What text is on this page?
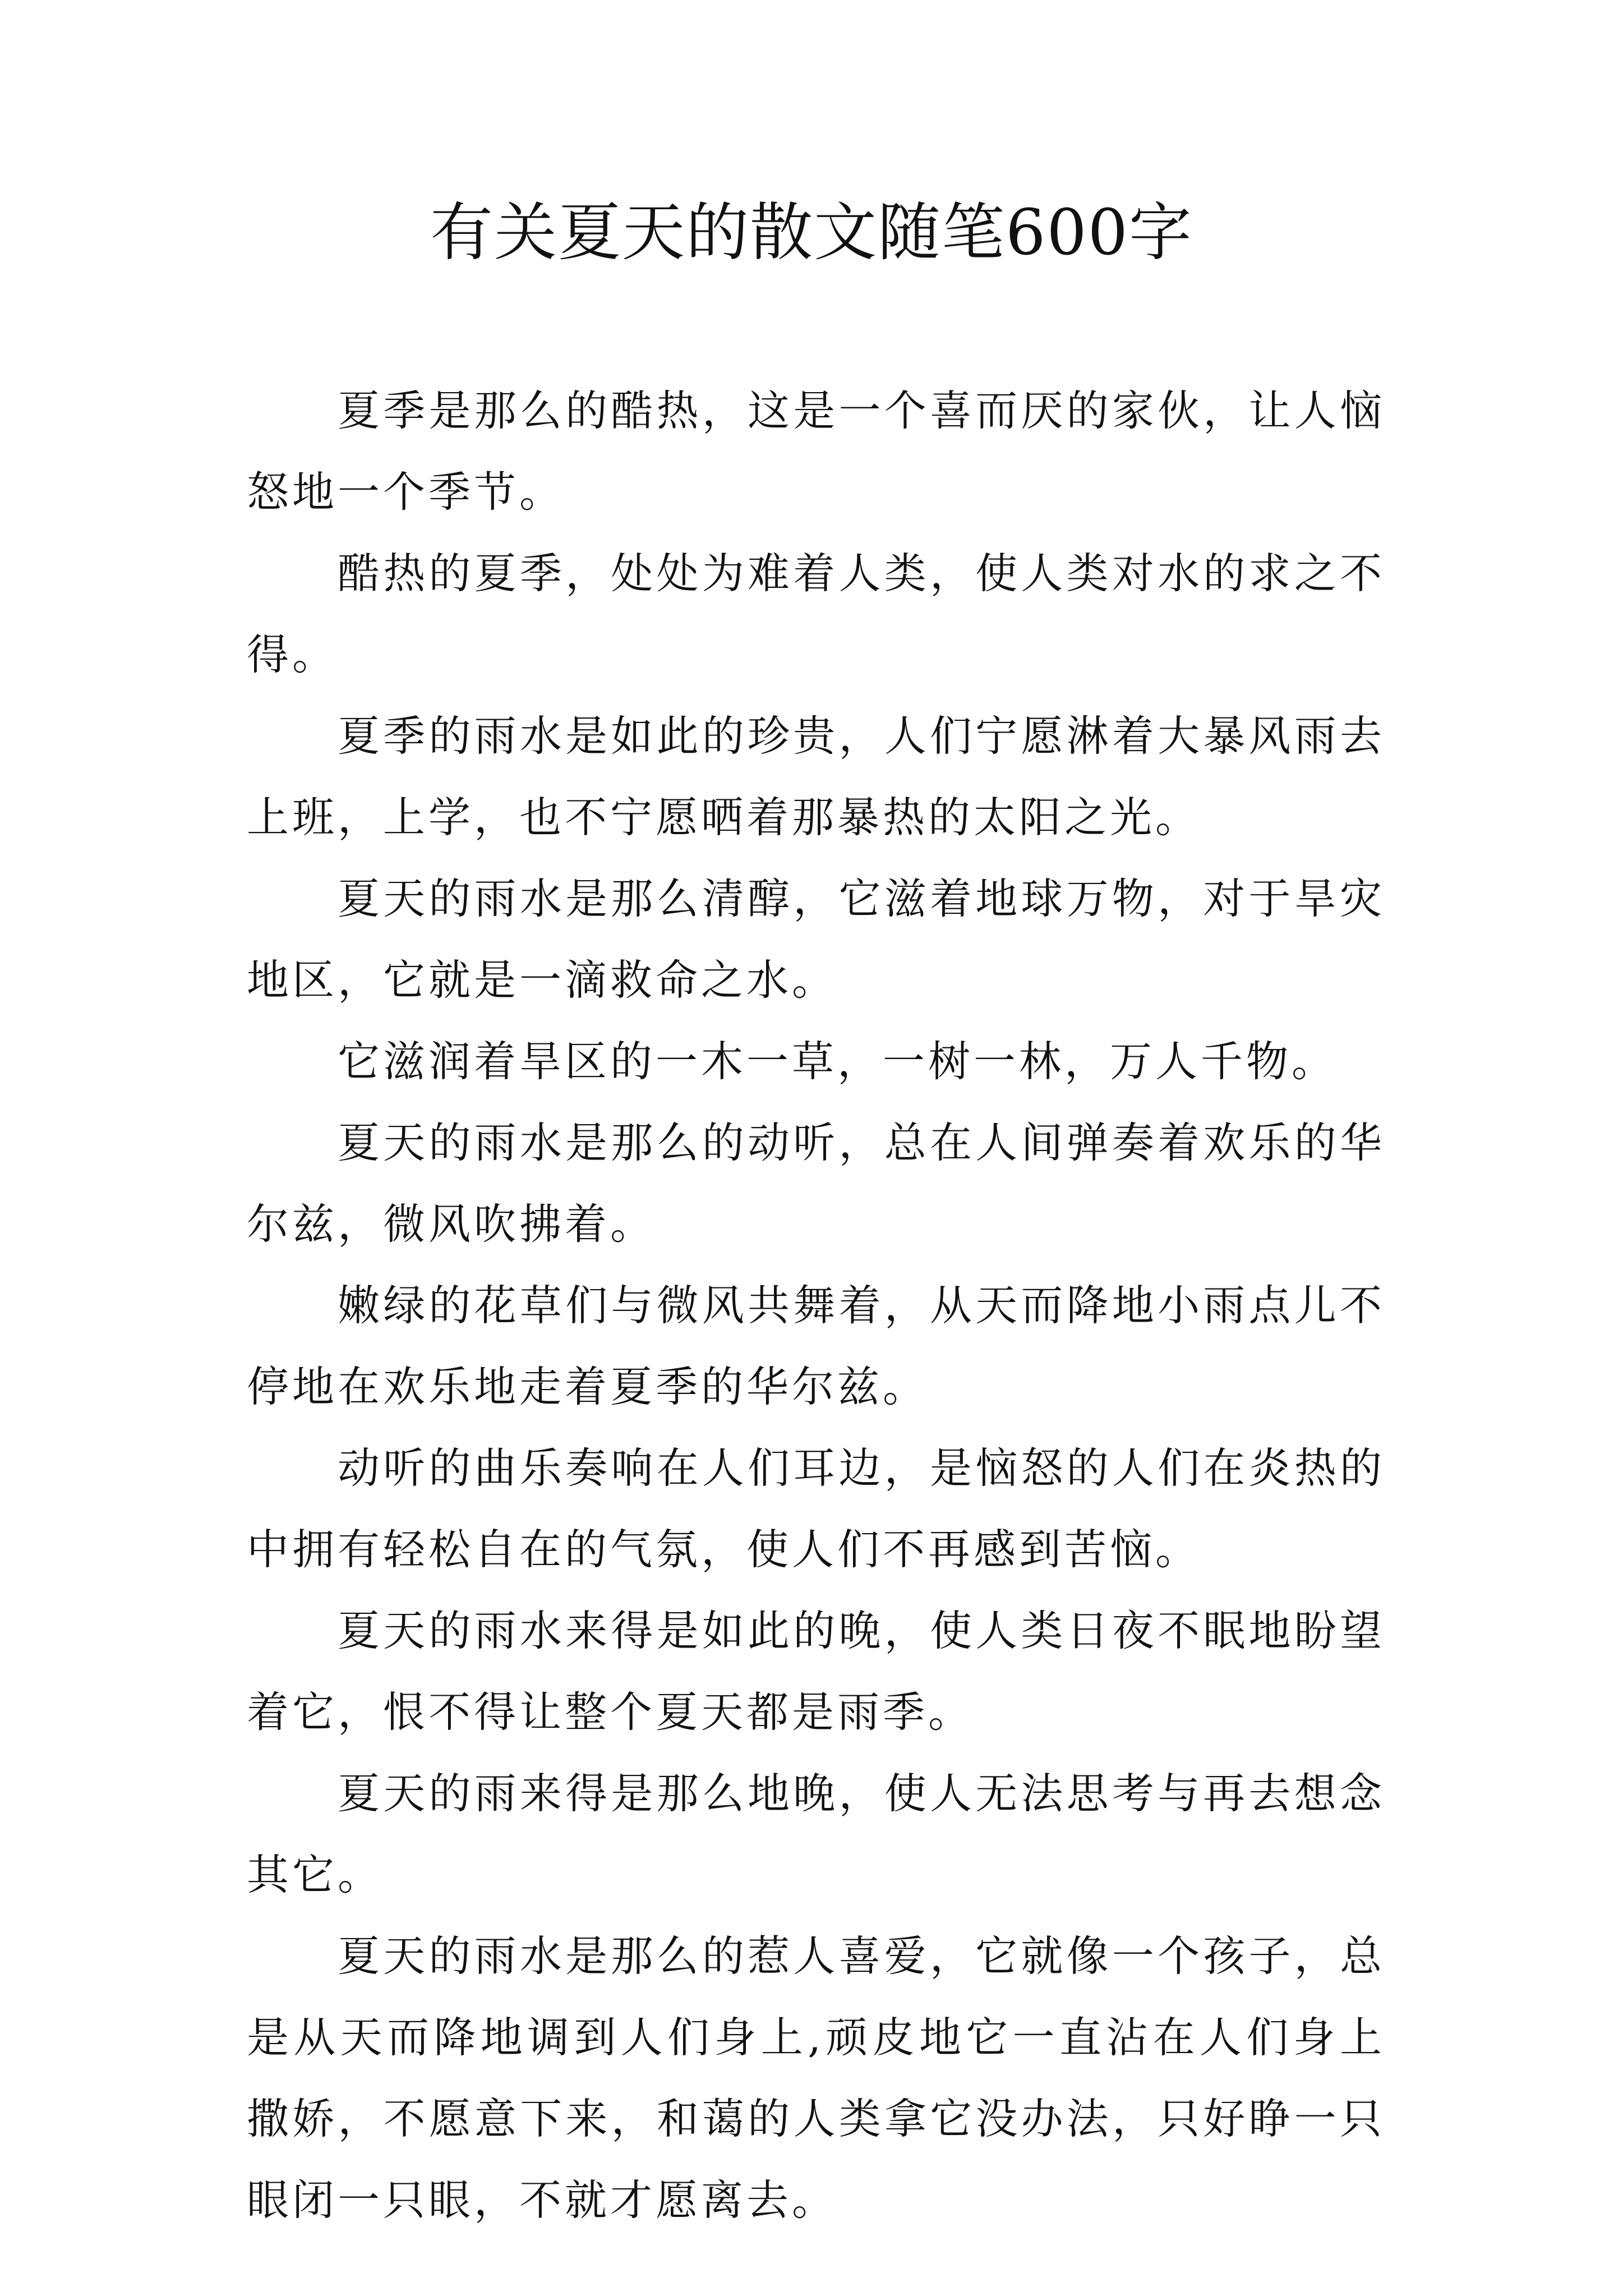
有关夏天的散文随笔600字

夏季是那么的酷热，这是一个喜而厌的家伙，让人恼怒地一个季节。

酷热的夏季，处处为难着人类，使人类对水的求之不得。

夏季的雨水是如此的珍贵，人们宁愿淋着大暴风雨去上班，上学，也不宁愿晒着那暴热的太阳之光。

夏天的雨水是那么清醇，它滋着地球万物，对于旱灾地区，它就是一滴救命之水。

它滋润着旱区的一木一草，一树一林，万人千物。

夏天的雨水是那么的动听，总在人间弹奏着欢乐的华尔兹，微风吹拂着。

嫩绿的花草们与微风共舞着，从天而降地小雨点儿不停地在欢乐地走着夏季的华尔兹。

动听的曲乐奏响在人们耳边，是恼怒的人们在炎热的中拥有轻松自在的气氛，使人们不再感到苦恼。

夏天的雨水来得是如此的晚，使人类日夜不眠地盼望着它，恨不得让整个夏天都是雨季。

夏天的雨来得是那么地晚，使人无法思考与再去想念其它。

夏天的雨水是那么的惹人喜爱，它就像一个孩子，总是从天而降地调到人们身上,顽皮地它一直沾在人们身上撒娇，不愿意下来，和蔼的人类拿它没办法，只好睁一只眼闭一只眼，不就才愿离去。
